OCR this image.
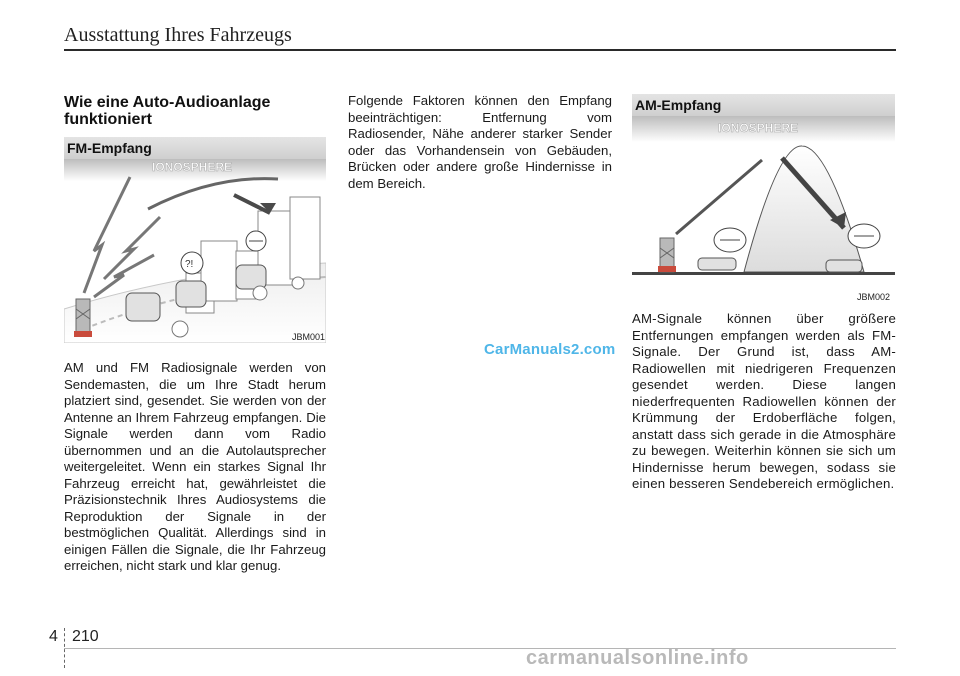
Ausstattung Ihres Fahrzeugs
Wie eine Auto-Audioanlage funktioniert
FM-Empfang
IONOSPHERE
?!
JBM001

AM und FM Radiosignale werden von Sendemasten, die um Ihre Stadt herum platziert sind, gesendet. Sie werden von der Antenne an Ihrem Fahrzeug empfangen. Die Signale werden dann vom Radio übernommen und an die Autolautsprecher weitergeleitet. Wenn ein starkes Signal Ihr Fahrzeug erreicht hat, gewährleistet die Präzisionstechnik Ihres Audiosystems die Reproduktion der Signale in der bestmöglichen Qualität. Allerdings sind in einigen Fällen die Signale, die Ihr Fahrzeug erreichen, nicht stark und klar genug.

Folgende Faktoren können den Empfang beeinträchtigen: Entfernung vom Radiosender, Nähe anderer starker Sender oder das Vorhandensein von Gebäuden, Brücken oder andere große Hindernisse in dem Bereich.

AM-Empfang
IONOSPHERE
JBM002

AM-Signale können über größere Entfernungen empfangen werden als FM-Signale. Der Grund ist, dass AM-Radiowellen mit niedrigeren Frequenzen gesendet werden. Diese langen niederfrequenten Radiowellen können der Krümmung der Erdoberfläche folgen, anstatt dass sich gerade in die Atmosphäre zu bewegen. Weiterhin können sie sich um Hindernisse herum bewegen, sodass sie einen besseren Sendebereich ermöglichen.

CarManuals2.com
4 210
carmanualsonline.info
